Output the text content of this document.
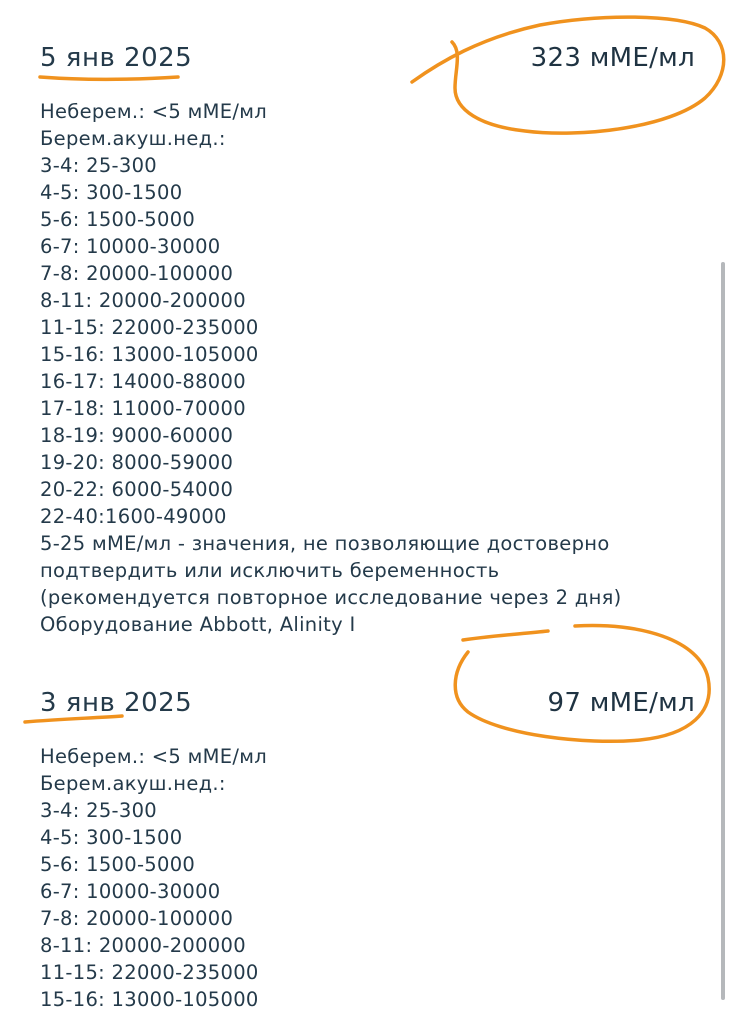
5 янв 2025	323 мМЕ/мл
Неберем.: <5 мМЕ/мл
Берем.акуш.нед.:
3-4: 25-300
4-5: 300-1500
5-6: 1500-5000
6-7: 10000-30000
7-8: 20000-100000
8-11: 20000-200000
11-15: 22000-235000
15-16: 13000-105000
16-17: 14000-88000
17-18: 11000-70000
18-19: 9000-60000
19-20: 8000-59000
20-22: 6000-54000
22-40:1600-49000
5-25 мМЕ/мл - значения, не позволяющие достоверно
подтвердить или исключить беременность
(рекомендуется повторное исследование через 2 дня)
Оборудование Abbott, Alinity I
3 янв 2025	97 мМЕ/мл
Неберем.: <5 мМЕ/мл
Берем.акуш.нед.:
3-4: 25-300
4-5: 300-1500
5-6: 1500-5000
6-7: 10000-30000
7-8: 20000-100000
8-11: 20000-200000
11-15: 22000-235000
15-16: 13000-105000
